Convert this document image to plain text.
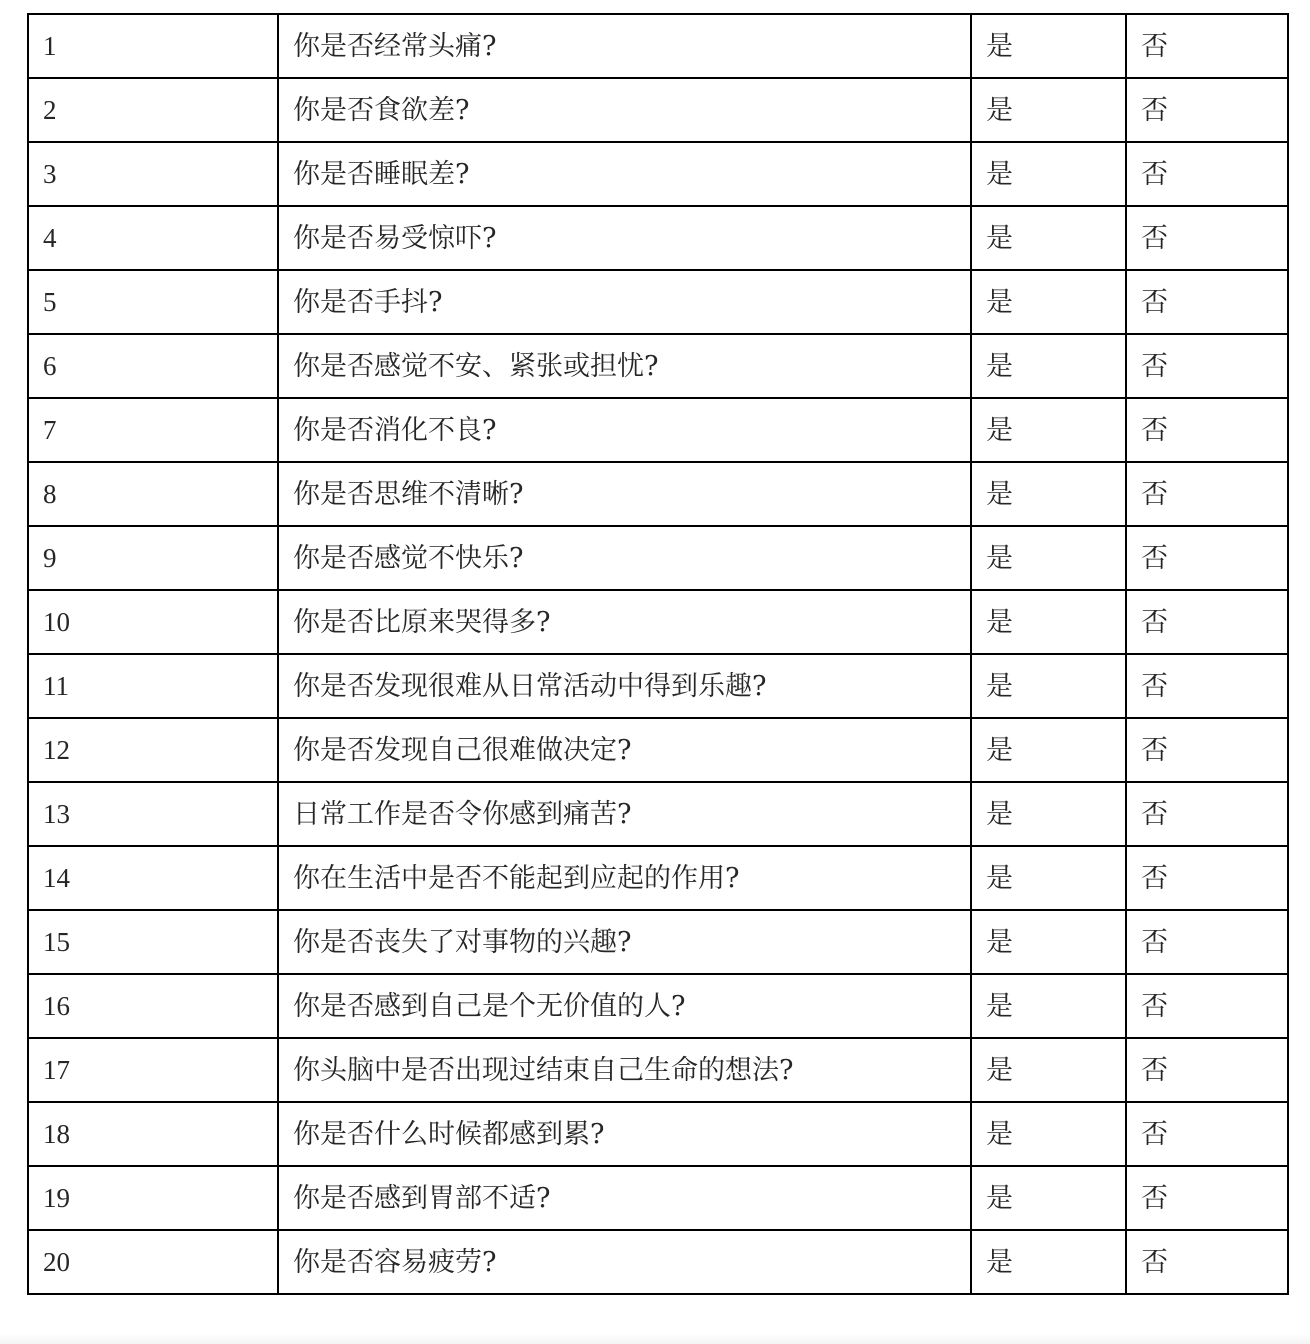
1	你是否经常头痛?	是	否
2	你是否食欲差?	是	否
3	你是否睡眠差?	是	否
4	你是否易受惊吓?	是	否
5	你是否手抖?	是	否
6	你是否感觉不安、紧张或担忧?	是	否
7	你是否消化不良?	是	否
8	你是否思维不清晰?	是	否
9	你是否感觉不快乐?	是	否
10	你是否比原来哭得多?	是	否
11	你是否发现很难从日常活动中得到乐趣?	是	否
12	你是否发现自己很难做决定?	是	否
13	日常工作是否令你感到痛苦?	是	否
14	你在生活中是否不能起到应起的作用?	是	否
15	你是否丧失了对事物的兴趣?	是	否
16	你是否感到自己是个无价值的人?	是	否
17	你头脑中是否出现过结束自己生命的想法?	是	否
18	你是否什么时候都感到累?	是	否
19	你是否感到胃部不适?	是	否
20	你是否容易疲劳?	是	否
